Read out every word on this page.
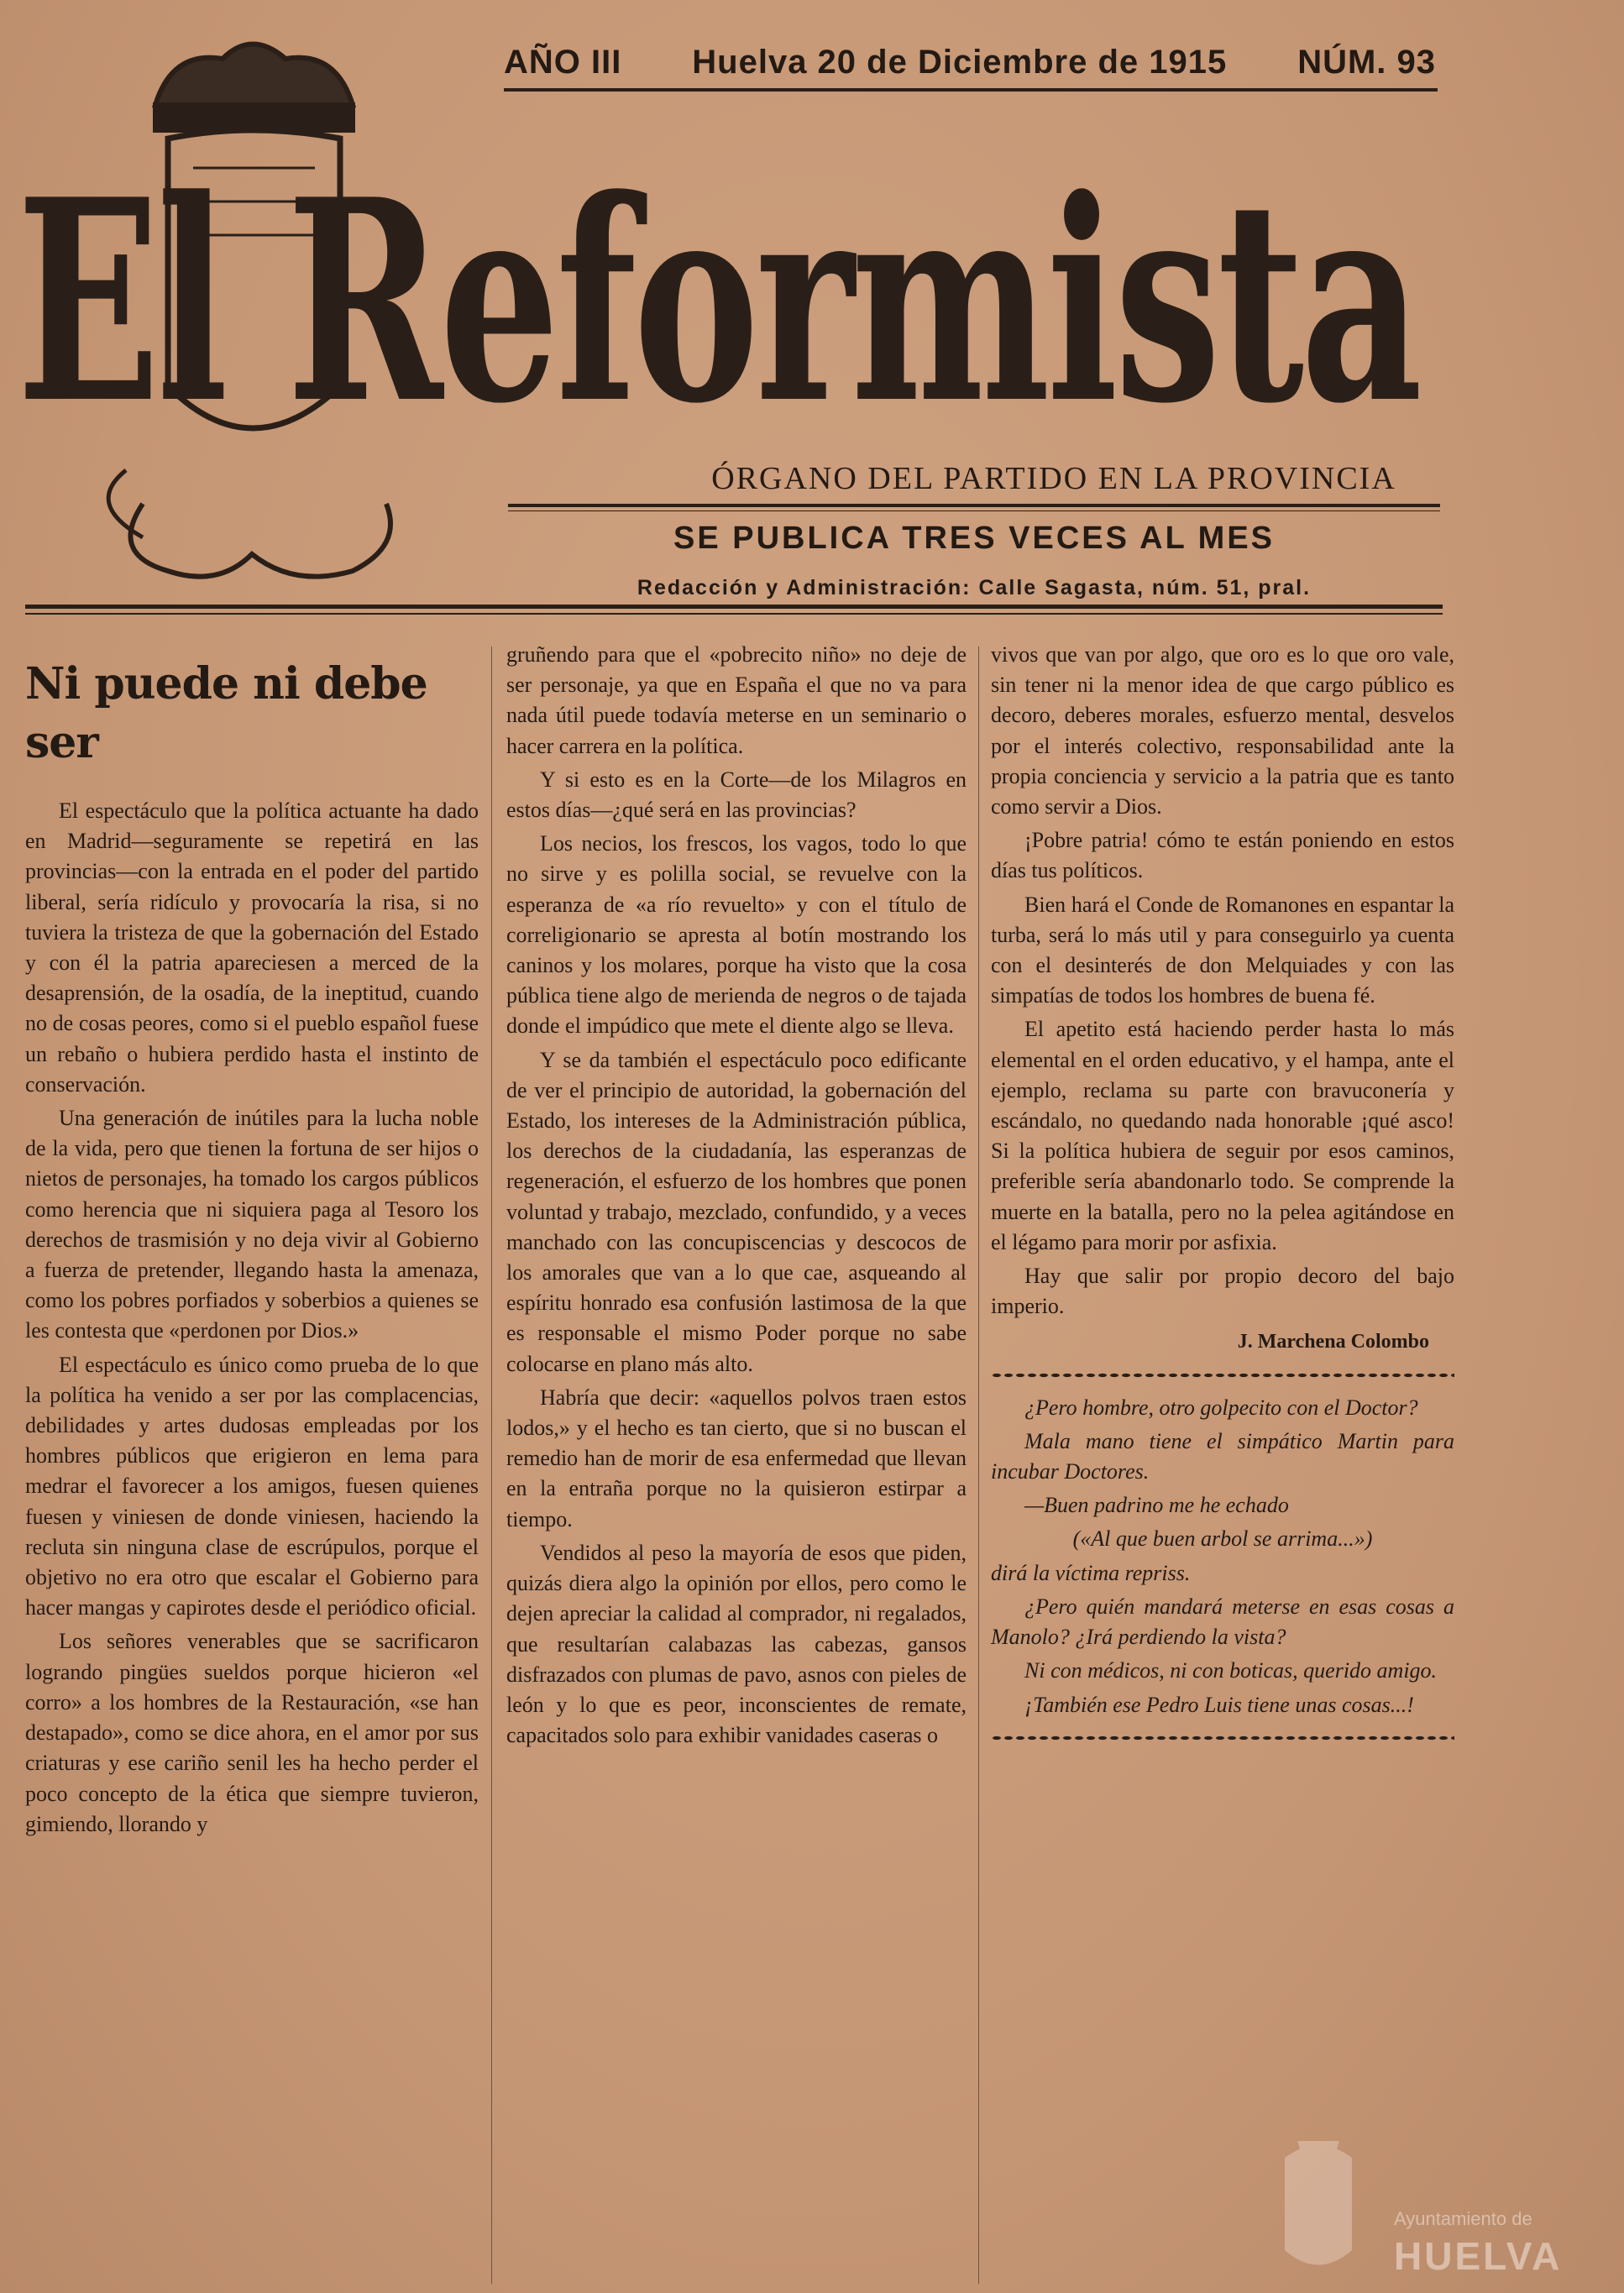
AÑO III Huelva 20 de Diciembre de 1915 NÚM. 93
El Reformista
ÓRGANO DEL PARTIDO EN LA PROVINCIA
SE PUBLICA TRES VECES AL MES
Redacción y Administración: Calle Sagasta, núm. 51, pral.
Ni puede ni debe ser

El espectáculo que la política actuante ha dado en Madrid—seguramente se repetirá en las provincias—con la entrada en el poder del partido liberal, sería ridículo y provocaría la risa, si no tuviera la tristeza de que la gobernación del Estado y con él la patria apareciesen a merced de la desaprensión, de la osadía, de la ineptitud, cuando no de cosas peores, como si el pueblo español fuese un rebaño o hubiera perdido hasta el instinto de conservación.

Una generación de inútiles para la lucha noble de la vida, pero que tienen la fortuna de ser hijos o nietos de personajes, ha tomado los cargos públicos como herencia que ni siquiera paga al Tesoro los derechos de trasmisión y no deja vivir al Gobierno a fuerza de pretender, llegando hasta la amenaza, como los pobres porfiados y soberbios a quienes se les contesta que «perdonen por Dios.»

El espectáculo es único como prueba de lo que la política ha venido a ser por las complacencias, debilidades y artes dudosas empleadas por los hombres públicos que erigieron en lema para medrar el favorecer a los amigos, fuesen quienes fuesen y viniesen de donde viniesen, haciendo la recluta sin ninguna clase de escrúpulos, porque el objetivo no era otro que escalar el Gobierno para hacer mangas y capirotes desde el periódico oficial.

Los señores venerables que se sacrificaron logrando pingües sueldos porque hicieron «el corro» a los hombres de la Restauración, «se han destapado», como se dice ahora, en el amor por sus criaturas y ese cariño senil les ha hecho perder el poco concepto de la ética que siempre tuvieron, gimiendo, llorando y

gruñendo para que el «pobrecito niño» no deje de ser personaje, ya que en España el que no va para nada útil puede todavía meterse en un seminario o hacer carrera en la política.

Y si esto es en la Corte—de los Milagros en estos días—¿qué será en las provincias?

Los necios, los frescos, los vagos, todo lo que no sirve y es polilla social, se revuelve con la esperanza de «a río revuelto» y con el título de correligionario se apresta al botín mostrando los caninos y los molares, porque ha visto que la cosa pública tiene algo de merienda de negros o de tajada donde el impúdico que mete el diente algo se lleva.

Y se da también el espectáculo poco edificante de ver el principio de autoridad, la gobernación del Estado, los intereses de la Administración pública, los derechos de la ciudadanía, las esperanzas de regeneración, el esfuerzo de los hombres que ponen voluntad y trabajo, mezclado, confundido, y a veces manchado con las concupiscencias y descocos de los amorales que van a lo que cae, asqueando al espíritu honrado esa confusión lastimosa de la que es responsable el mismo Poder porque no sabe colocarse en plano más alto.

Habría que decir: «aquellos polvos traen estos lodos,» y el hecho es tan cierto, que si no buscan el remedio han de morir de esa enfermedad que llevan en la entraña porque no la quisieron estirpar a tiempo.

Vendidos al peso la mayoría de esos que piden, quizás diera algo la opinión por ellos, pero como le dejen apreciar la calidad al comprador, ni regalados, que resultarían calabazas las cabezas, gansos disfrazados con plumas de pavo, asnos con pieles de león y lo que es peor, inconscientes de remate, capacitados solo para exhibir vanidades caseras o

vivos que van por algo, que oro es lo que oro vale, sin tener ni la menor idea de que cargo público es decoro, deberes morales, esfuerzo mental, desvelos por el interés colectivo, responsabilidad ante la propia conciencia y servicio a la patria que es tanto como servir a Dios.

¡Pobre patria! cómo te están poniendo en estos días tus políticos.

Bien hará el Conde de Romanones en espantar la turba, será lo más util y para conseguirlo ya cuenta con el desinterés de don Melquiades y con las simpatías de todos los hombres de buena fé.

El apetito está haciendo perder hasta lo más elemental en el orden educativo, y el hampa, ante el ejemplo, reclama su parte con bravuconería y escándalo, no quedando nada honorable ¡qué asco! Si la política hubiera de seguir por esos caminos, preferible sería abandonarlo todo. Se comprende la muerte en la batalla, pero no la pelea agitándose en el légamo para morir por asfixia.

Hay que salir por propio decoro del bajo imperio.

J. Marchena Colombo

¿Pero hombre, otro golpecito con el Doctor?

Mala mano tiene el simpático Martin para incubar Doctores.

—Buen padrino me he echado

(«Al que buen arbol se arrima...»)

dirá la víctima repriss.

¿Pero quién mandará meterse en esas cosas a Manolo? ¿Irá perdiendo la vista?

Ni con médicos, ni con boticas, querido amigo.

¡También ese Pedro Luis tiene unas cosas...!

Ayuntamiento de
HUELVA
